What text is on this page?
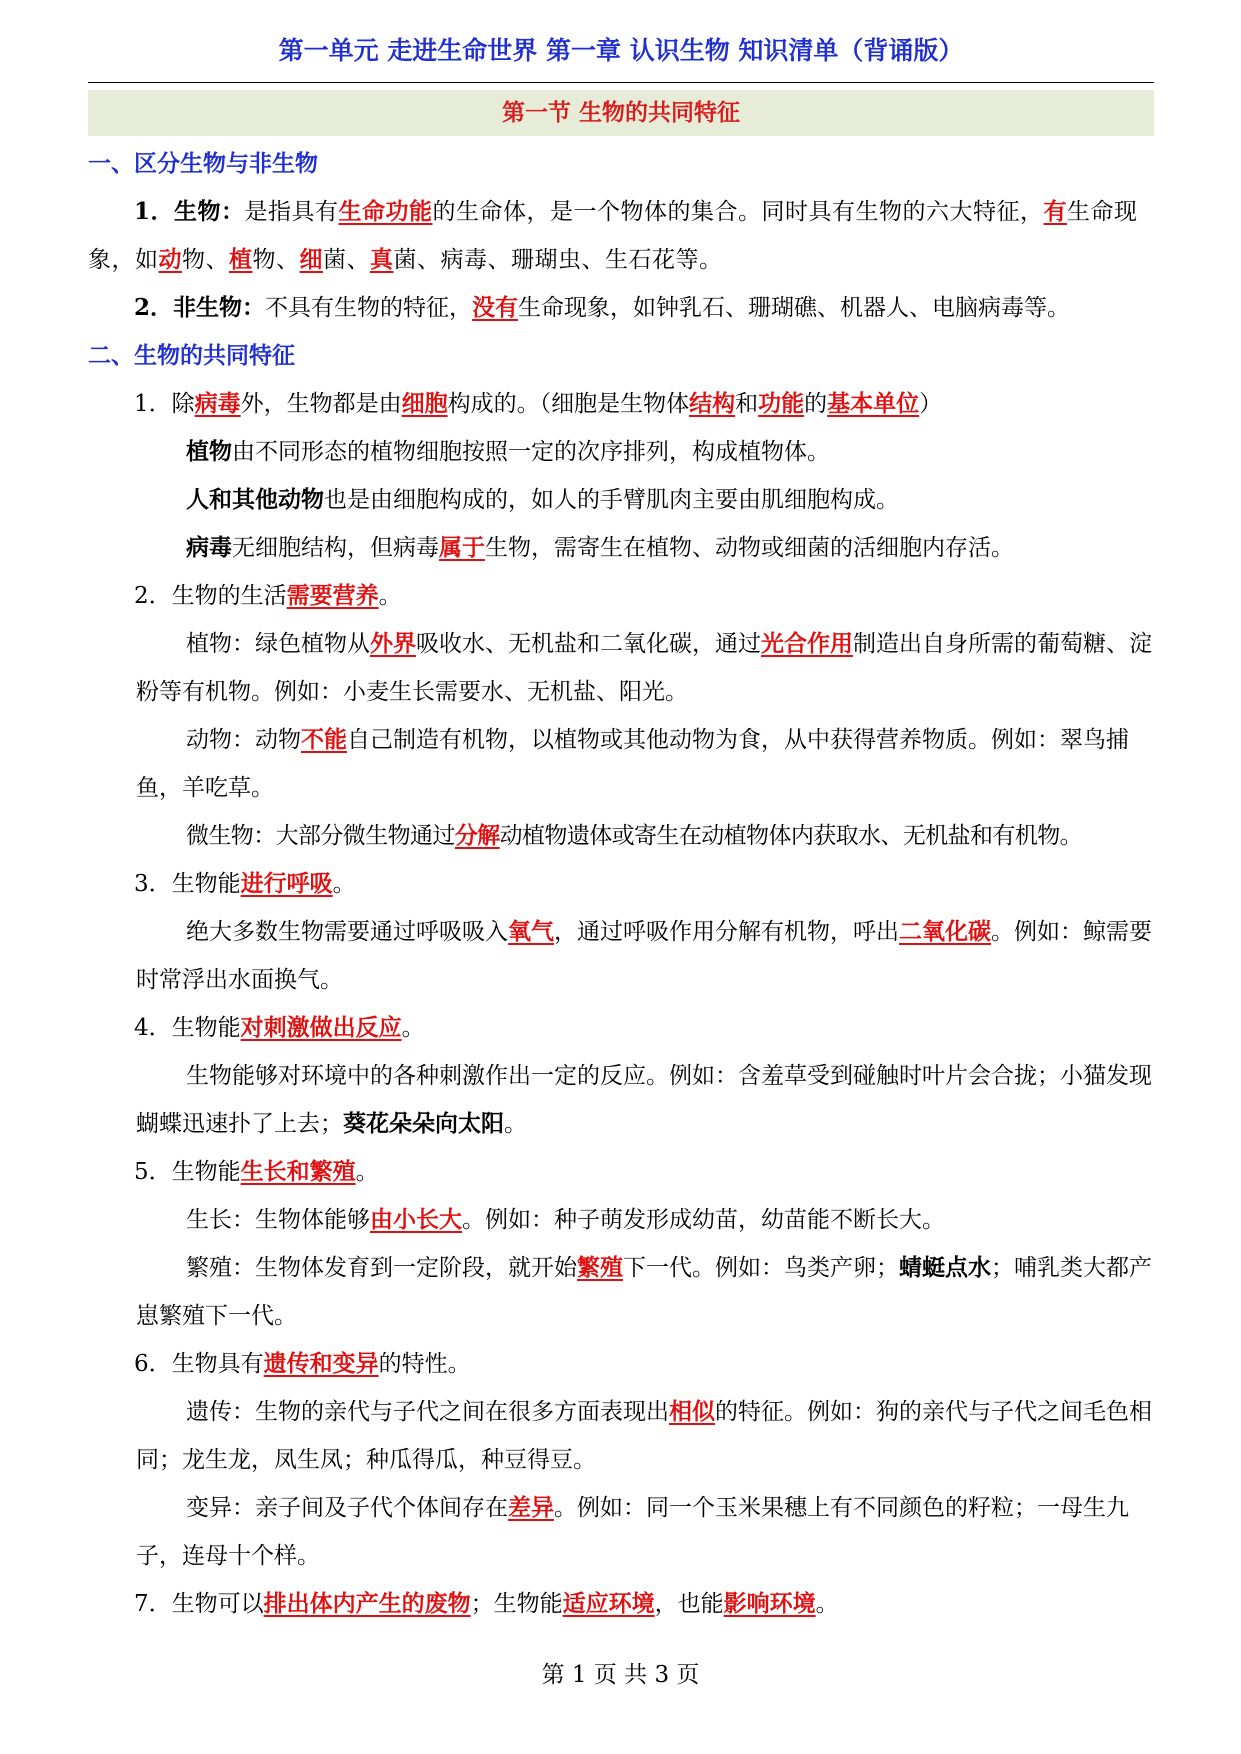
第一单元 走进生命世界 第一章 认识生物 知识清单（背诵版）
第一节 生物的共同特征

一、区分生物与非生物

1．生物：是指具有生命功能的生命体，是一个物体的集合。同时具有生物的六大特征，有生命现象，如动物、植物、细菌、真菌、病毒、珊瑚虫、生石花等。

2．非生物：不具有生物的特征，没有生命现象，如钟乳石、珊瑚礁、机器人、电脑病毒等。

二、生物的共同特征

1．除病毒外，生物都是由细胞构成的。（细胞是生物体结构和功能的基本单位）

植物由不同形态的植物细胞按照一定的次序排列，构成植物体。

人和其他动物也是由细胞构成的，如人的手臂肌肉主要由肌细胞构成。

病毒无细胞结构，但病毒属于生物，需寄生在植物、动物或细菌的活细胞内存活。

2．生物的生活需要营养。

植物：绿色植物从外界吸收水、无机盐和二氧化碳，通过光合作用制造出自身所需的葡萄糖、淀粉等有机物。例如：小麦生长需要水、无机盐、阳光。

动物：动物不能自己制造有机物，以植物或其他动物为食，从中获得营养物质。例如：翠鸟捕鱼，羊吃草。

微生物：大部分微生物通过分解动植物遗体或寄生在动植物体内获取水、无机盐和有机物。

3．生物能进行呼吸。

绝大多数生物需要通过呼吸吸入氧气，通过呼吸作用分解有机物，呼出二氧化碳。例如：鲸需要时常浮出水面换气。

4．生物能对刺激做出反应。

生物能够对环境中的各种刺激作出一定的反应。例如：含羞草受到碰触时叶片会合拢；小猫发现蝴蝶迅速扑了上去；葵花朵朵向太阳。

5．生物能生长和繁殖。

生长：生物体能够由小长大。例如：种子萌发形成幼苗，幼苗能不断长大。

繁殖：生物体发育到一定阶段，就开始繁殖下一代。例如：鸟类产卵；蜻蜓点水；哺乳类大都产崽繁殖下一代。

6．生物具有遗传和变异的特性。

遗传：生物的亲代与子代之间在很多方面表现出相似的特征。例如：狗的亲代与子代之间毛色相同；龙生龙，凤生凤；种瓜得瓜，种豆得豆。

变异：亲子间及子代个体间存在差异。例如：同一个玉米果穗上有不同颜色的籽粒；一母生九子，连母十个样。

7．生物可以排出体内产生的废物；生物能适应环境，也能影响环境。

第 1 页 共 3 页
